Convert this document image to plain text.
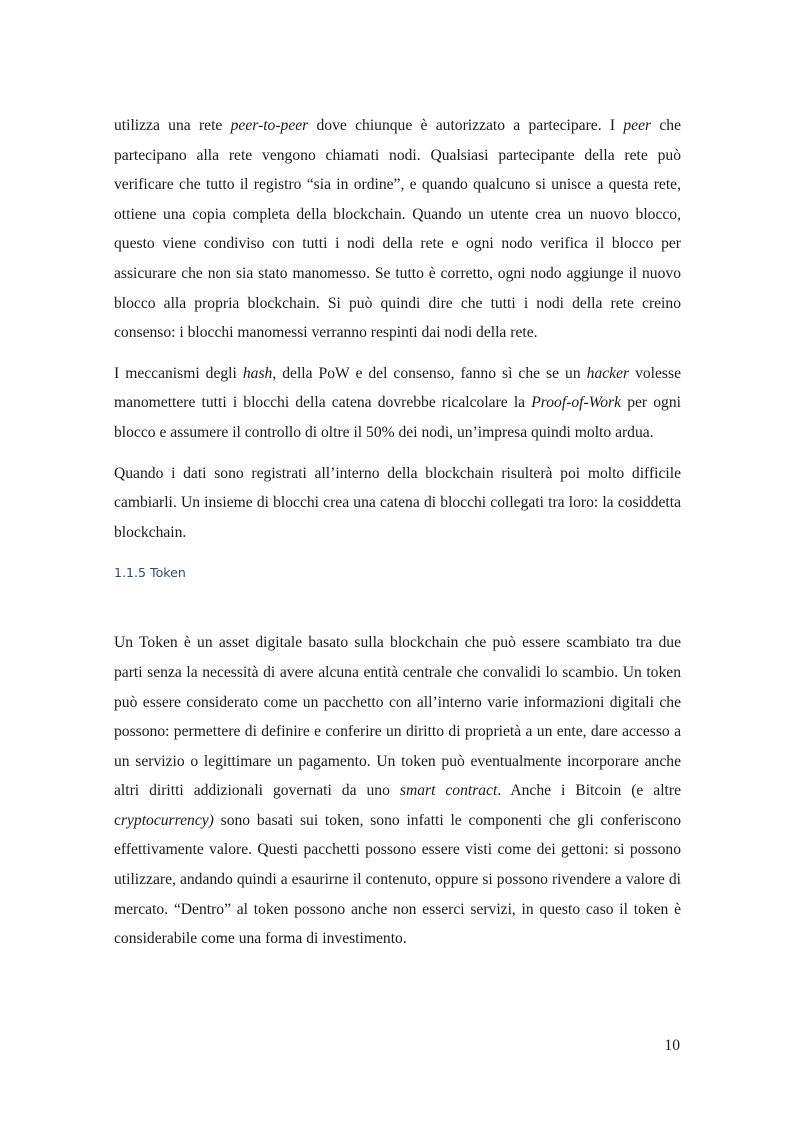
utilizza una rete peer-to-peer dove chiunque è autorizzato a partecipare. I peer che partecipano alla rete vengono chiamati nodi. Qualsiasi partecipante della rete può verificare che tutto il registro “sia in ordine”, e quando qualcuno si unisce a questa rete, ottiene una copia completa della blockchain. Quando un utente crea un nuovo blocco, questo viene condiviso con tutti i nodi della rete e ogni nodo verifica il blocco per assicurare che non sia stato manomesso. Se tutto è corretto, ogni nodo aggiunge il nuovo blocco alla propria blockchain. Si può quindi dire che tutti i nodi della rete creino consenso: i blocchi manomessi verranno respinti dai nodi della rete.

I meccanismi degli hash, della PoW e del consenso, fanno sì che se un hacker volesse manomettere tutti i blocchi della catena dovrebbe ricalcolare la Proof-of-Work per ogni blocco e assumere il controllo di oltre il 50% dei nodi, un’impresa quindi molto ardua.

Quando i dati sono registrati all’interno della blockchain risulterà poi molto difficile cambiarli. Un insieme di blocchi crea una catena di blocchi collegati tra loro: la cosiddetta blockchain.

1.1.5 Token

Un Token è un asset digitale basato sulla blockchain che può essere scambiato tra due parti senza la necessità di avere alcuna entità centrale che convalidi lo scambio. Un token può essere considerato come un pacchetto con all’interno varie informazioni digitali che possono: permettere di definire e conferire un diritto di proprietà a un ente, dare accesso a un servizio o legittimare un pagamento. Un token può eventualmente incorporare anche altri diritti addizionali governati da uno smart contract. Anche i Bitcoin (e altre cryptocurrency) sono basati sui token, sono infatti le componenti che gli conferiscono effettivamente valore. Questi pacchetti possono essere visti come dei gettoni: si possono utilizzare, andando quindi a esaurirne il contenuto, oppure si possono rivendere a valore di mercato. “Dentro” al token possono anche non esserci servizi, in questo caso il token è considerabile come una forma di investimento.

10
